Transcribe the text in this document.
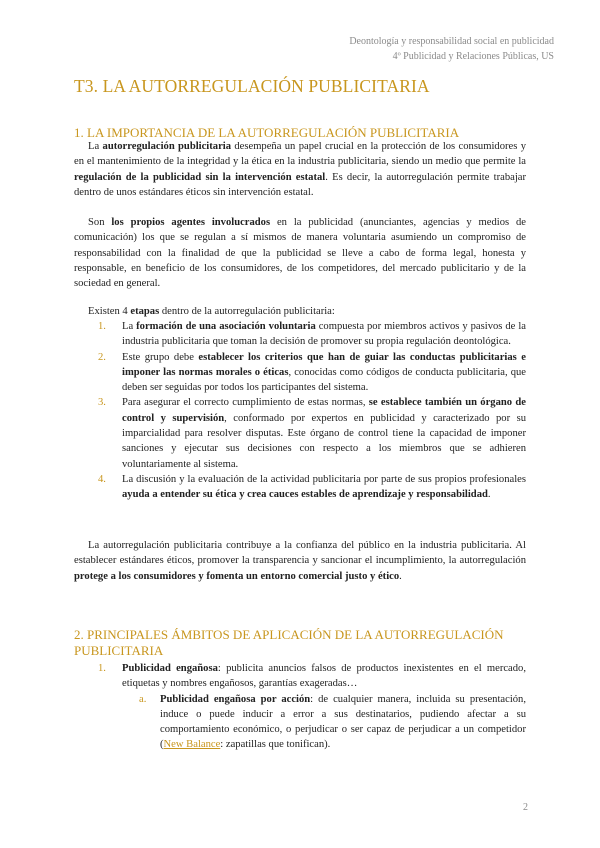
Deontología y responsabilidad social en publicidad
4º Publicidad y Relaciones Públicas, US
T3. LA AUTORREGULACIÓN PUBLICITARIA
1. LA IMPORTANCIA DE LA AUTORREGULACIÓN PUBLICITARIA
La autorregulación publicitaria desempeña un papel crucial en la protección de los consumidores y en el mantenimiento de la integridad y la ética en la industria publicitaria, siendo un medio que permite la regulación de la publicidad sin la intervención estatal. Es decir, la autorregulación permite trabajar dentro de unos estándares éticos sin intervención estatal.
Son los propios agentes involucrados en la publicidad (anunciantes, agencias y medios de comunicación) los que se regulan a sí mismos de manera voluntaria asumiendo un compromiso de responsabilidad con la finalidad de que la publicidad se lleve a cabo de forma legal, honesta y responsable, en beneficio de los consumidores, de los competidores, del mercado publicitario y de la sociedad en general.
Existen 4 etapas dentro de la autorregulación publicitaria:
1. La formación de una asociación voluntaria compuesta por miembros activos y pasivos de la industria publicitaria que toman la decisión de promover su propia regulación deontológica.
2. Este grupo debe establecer los criterios que han de guiar las conductas publicitarias e imponer las normas morales o éticas, conocidas como códigos de conducta publicitaria, que deben ser seguidas por todos los participantes del sistema.
3. Para asegurar el correcto cumplimiento de estas normas, se establece también un órgano de control y supervisión, conformado por expertos en publicidad y caracterizado por su imparcialidad para resolver disputas. Este órgano de control tiene la capacidad de imponer sanciones y ejecutar sus decisiones con respecto a los miembros que se adhieren voluntariamente al sistema.
4. La discusión y la evaluación de la actividad publicitaria por parte de sus propios profesionales ayuda a entender su ética y crea cauces estables de aprendizaje y responsabilidad.
La autorregulación publicitaria contribuye a la confianza del público en la industria publicitaria. Al establecer estándares éticos, promover la transparencia y sancionar el incumplimiento, la autorregulación protege a los consumidores y fomenta un entorno comercial justo y ético.
2. PRINCIPALES ÁMBITOS DE APLICACIÓN DE LA AUTORREGULACIÓN PUBLICITARIA
1. Publicidad engañosa: publicita anuncios falsos de productos inexistentes en el mercado, etiquetas y nombres engañosos, garantías exageradas…
a. Publicidad engañosa por acción: de cualquier manera, incluida su presentación, induce o puede inducir a error a sus destinatarios, pudiendo afectar a su comportamiento económico, o perjudicar o ser capaz de perjudicar a un competidor (New Balance: zapatillas que tonifican).
2
